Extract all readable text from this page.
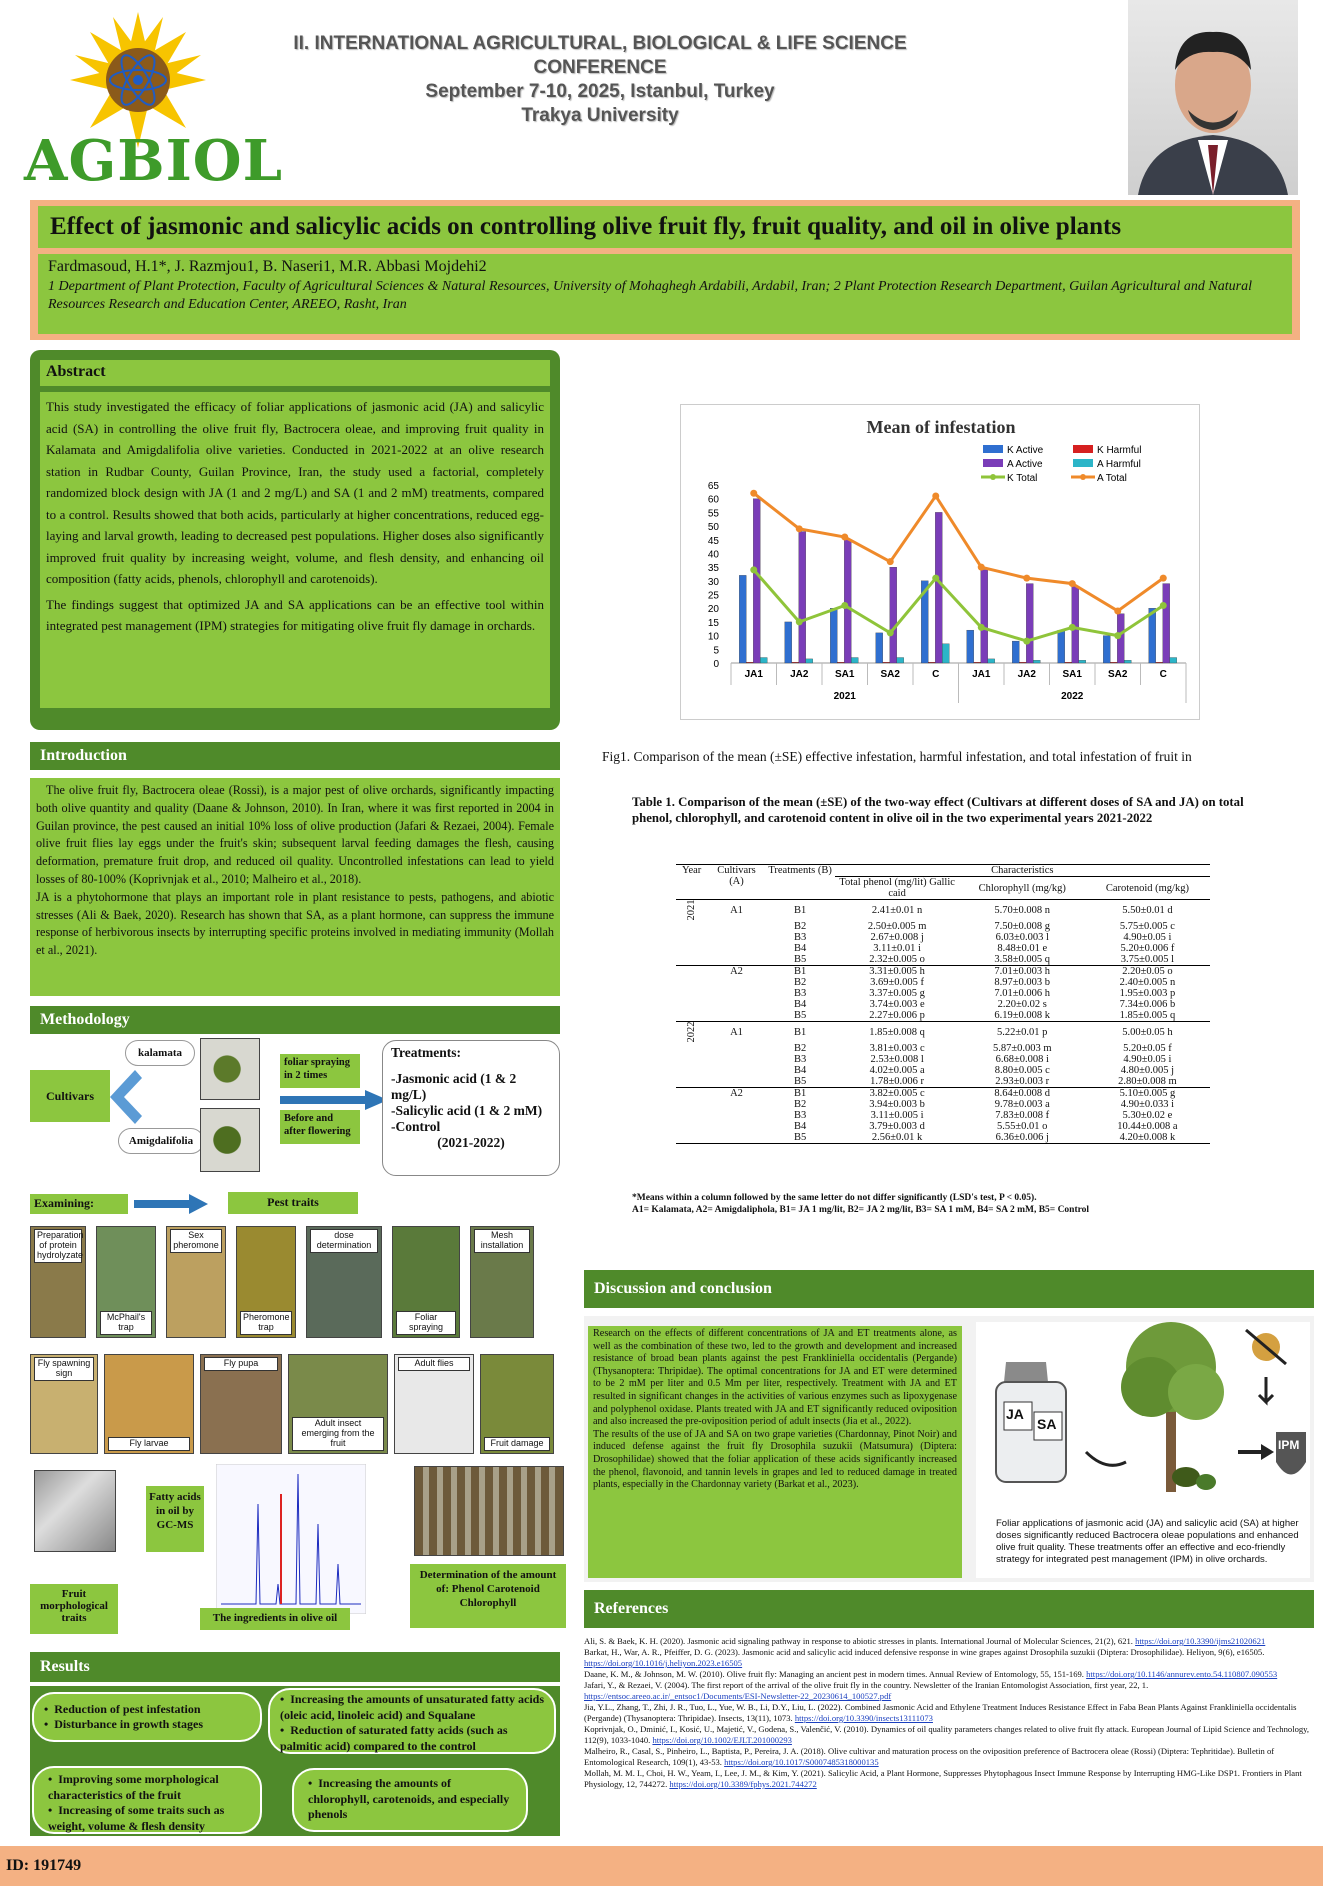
AGBIOL
II. INTERNATIONAL AGRICULTURAL, BIOLOGICAL & LIFE SCIENCE
CONFERENCE
September 7-10, 2025, Istanbul, Turkey
Trakya University
Effect of jasmonic and salicylic acids on controlling olive fruit fly, fruit quality, and oil in olive plants
Fardmasoud, H.1*, J. Razmjou1, B. Naseri1, M.R. Abbasi Mojdehi2
1 Department of Plant Protection, Faculty of Agricultural Sciences & Natural Resources, University of Mohaghegh Ardabili, Ardabil, Iran; 2 Plant Protection Research Department, Guilan Agricultural and Natural Resources Research and Education Center, AREEO, Rasht, Iran
Abstract

This study investigated the efficacy of foliar applications of jasmonic acid (JA) and salicylic acid (SA) in controlling the olive fruit fly, Bactrocera oleae, and improving fruit quality in Kalamata and Amigdalifolia olive varieties. Conducted in 2021-2022 at an olive research station in Rudbar County, Guilan Province, Iran, the study used a factorial, completely randomized block design with JA (1 and 2 mg/L) and SA (1 and 2 mM) treatments, compared to a control. Results showed that both acids, particularly at higher concentrations, reduced egg-laying and larval growth, leading to decreased pest populations. Higher doses also significantly improved fruit quality by increasing weight, volume, and flesh density, and enhancing oil composition (fatty acids, phenols, chlorophyll and carotenoids).

The findings suggest that optimized JA and SA applications can be an effective tool within integrated pest management (IPM) strategies for mitigating olive fruit fly damage in orchards.

Introduction

The olive fruit fly, Bactrocera oleae (Rossi), is a major pest of olive orchards, significantly impacting both olive quantity and quality (Daane & Johnson, 2010). In Iran, where it was first reported in 2004 in Guilan province, the pest caused an initial 10% loss of olive production (Jafari & Rezaei, 2004). Female olive fruit flies lay eggs under the fruit's skin; subsequent larval feeding damages the flesh, causing deformation, premature fruit drop, and reduced oil quality. Uncontrolled infestations can lead to yield losses of 80-100% (Koprivnjak et al., 2010; Malheiro et al., 2018).

JA is a phytohormone that plays an important role in plant resistance to pests, pathogens, and abiotic stresses (Ali & Baek, 2020). Research has shown that SA, as a plant hormone, can suppress the immune response of herbivorous insects by interrupting specific proteins involved in mediating immunity (Mollah et al., 2021).

Methodology
Cultivars
kalamata
Amigdalifolia
foliar spraying in 2 times
Before and after flowering
Treatments:
-Jasmonic acid (1 & 2 mg/L)
-Salicylic acid (1 & 2 mM)
-Control
(2021-2022)
Examining:	Pest traits
Preparation of protein hydrolyzate
McPhail's trap
Sex pheromone
Pheromone trap
dose determination
Foliar spraying
Mesh installation
Fly spawning sign
Fly larvae
Fly pupa
Adult insect emerging from the fruit
Adult flies
Fruit damage
Fruit morphological traits
Fatty acids in oil by GC-MS
The ingredients in olive oil
Determination of the amount of: Phenol Carotenoid Chlorophyll
Results
•  Reduction of pest infestation
•  Disturbance in growth stages
•  Increasing the amounts of unsaturated fatty acids (oleic acid, linoleic acid) and Squalane
•  Reduction of saturated fatty acids (such as palmitic acid) compared to the control
•  Improving some morphological characteristics of the fruit
•  Increasing of some traits such as weight, volume & flesh density
•  Increasing the amounts of chlorophyll, carotenoids, and especially phenols
Mean of infestation
0
5
10
15
20
25
30
35
40
45
50
55
60
65
JA1	JA2	SA1	SA2	C	JA1	JA2	SA1	SA2	C
2021	2022
K Active
A Active
K Total
K Harmful
A Harmful
A Total
Fig1. Comparison of the mean (±SE) effective infestation, harmful infestation, and total infestation of fruit in
Table 1. Comparison of the mean (±SE) of the two-way effect (Cultivars at different doses of SA and JA) on total phenol, chlorophyll, and carotenoid content in olive oil in the two experimental years 2021-2022
Year	Cultivars (A)	Treatments (B)	Characteristics		
			Total phenol (mg/lit) Gallic caid	Chlorophyll (mg/kg)	Carotenoid (mg/kg)
2021	A1	B1	2.41±0.01 n	5.70±0.008 n	5.50±0.01 d
		B2	2.50±0.005 m	7.50±0.008 g	5.75±0.005 c
		B3	2.67±0.008 j	6.03±0.003 l	4.90±0.05 i
		B4	3.11±0.01 i	8.48±0.01 e	5.20±0.006 f
		B5	2.32±0.005 o	3.58±0.005 q	3.75±0.005 l
	A2	B1	3.31±0.005 h	7.01±0.003 h	2.20±0.05 o
		B2	3.69±0.005 f	8.97±0.003 b	2.40±0.005 n
		B3	3.37±0.005 g	7.01±0.006 h	1.95±0.003 p
		B4	3.74±0.003 e	2.20±0.02 s	7.34±0.006 b
		B5	2.27±0.006 p	6.19±0.008 k	1.85±0.005 q
2022	A1	B1	1.85±0.008 q	5.22±0.01 p	5.00±0.05 h
		B2	3.81±0.003 c	5.87±0.003 m	5.20±0.05 f
		B3	2.53±0.008 l	6.68±0.008 i	4.90±0.05 i
		B4	4.02±0.005 a	8.80±0.005 c	4.80±0.005 j
		B5	1.78±0.006 r	2.93±0.003 r	2.80±0.008 m
	A2	B1	3.82±0.005 c	8.64±0.008 d	5.10±0.005 g
		B2	3.94±0.003 b	9.78±0.003 a	4.90±0.033 i
		B3	3.11±0.005 i	7.83±0.008 f	5.30±0.02 e
		B4	3.79±0.003 d	5.55±0.01 o	10.44±0.008 a
		B5	2.56±0.01 k	6.36±0.006 j	4.20±0.008 k
*Means within a column followed by the same letter do not differ significantly (LSD's test, P < 0.05).
A1= Kalamata, A2= Amigdaliphola, B1= JA 1 mg/lit, B2= JA 2 mg/lit, B3= SA 1 mM, B4= SA 2 mM, B5= Control
Discussion and conclusion

Research on the effects of different concentrations of JA and ET treatments alone, as well as the combination of these two, led to the growth and development and increased resistance of broad bean plants against the pest Frankliniella occidentalis (Pergande) (Thysanoptera: Thripidae). The optimal concentrations for JA and ET were determined to be 2 mM per liter and 0.5 Mm per liter, respectively. Treatment with JA and ET resulted in significant changes in the activities of various enzymes such as lipoxygenase and polyphenol oxidase. Plants treated with JA and ET significantly reduced oviposition and also increased the pre-oviposition period of adult insects (Jia et al., 2022).

The results of the use of JA and SA on two grape varieties (Chardonnay, Pinot Noir) and induced defense against the fruit fly Drosophila suzukii (Matsumura) (Diptera: Drosophilidae) showed that the foliar application of these acids significantly increased the phenol, flavonoid, and tannin levels in grapes and led to reduced damage in treated plants, especially in the Chardonnay variety (Barkat et al., 2023).

JA
SA
IPM
Foliar applications of jasmonic acid (JA) and salicylic acid (SA) at higher doses significantly reduced Bactrocera oleae populations and enhanced olive fruit quality. These treatments offer an effective and eco-friendly strategy for integrated pest management (IPM) in olive orchards.
References

Ali, S. & Baek, K. H. (2020). Jasmonic acid signaling pathway in response to abiotic stresses in plants. International Journal of Molecular Sciences, 21(2), 621. https://doi.org/10.3390/ijms21020621

Barkat, H., War, A. R., Pfeiffer, D. G. (2023). Jasmonic acid and salicylic acid induced defensive response in wine grapes against Drosophila suzukii (Diptera: Drosophilidae). Heliyon, 9(6), e16505. https://doi.org/10.1016/j.heliyon.2023.e16505

Daane, K. M., & Johnson, M. W. (2010). Olive fruit fly: Managing an ancient pest in modern times. Annual Review of Entomology, 55, 151-169. https://doi.org/10.1146/annurev.ento.54.110807.090553

Jafari, Y., & Rezaei, V. (2004). The first report of the arrival of the olive fruit fly in the country. Newsletter of the Iranian Entomologist Association, first year, 22, 1. https://entsoc.areeo.ac.ir/_entsoc1/Documents/ESI-Newsletter-22_20230614_100527.pdf

Jia, Y.L., Zhang, T., Zhi, J. R., Tuo, L., Yue, W. B., Li, D.Y., Liu, L. (2022). Combined Jasmonic Acid and Ethylene Treatment Induces Resistance Effect in Faba Bean Plants Against Frankliniella occidentalis (Pergande) (Thysanoptera: Thripidae). Insects, 13(11), 1073. https://doi.org/10.3390/insects13111073

Koprivnjak, O., Dminić, I., Kosić, U., Majetić, V., Godena, S., Valenčić, V. (2010). Dynamics of oil quality parameters changes related to olive fruit fly attack. European Journal of Lipid Science and Technology, 112(9), 1033-1040. https://doi.org/10.1002/EJLT.201000293

Malheiro, R., Casal, S., Pinheiro, L., Baptista, P., Pereira, J. A. (2018). Olive cultivar and maturation process on the oviposition preference of Bactrocera oleae (Rossi) (Diptera: Tephritidae). Bulletin of Entomological Research, 109(1), 43-53. https://doi.org/10.1017/S0007485318000135

Mollah, M. M. I., Choi, H. W., Yeam, I., Lee, J. M., & Kim, Y. (2021). Salicylic Acid, a Plant Hormone, Suppresses Phytophagous Insect Immune Response by Interrupting HMG-Like DSP1. Frontiers in Plant Physiology, 12, 744272. https://doi.org/10.3389/fphys.2021.744272

ID: 191749
